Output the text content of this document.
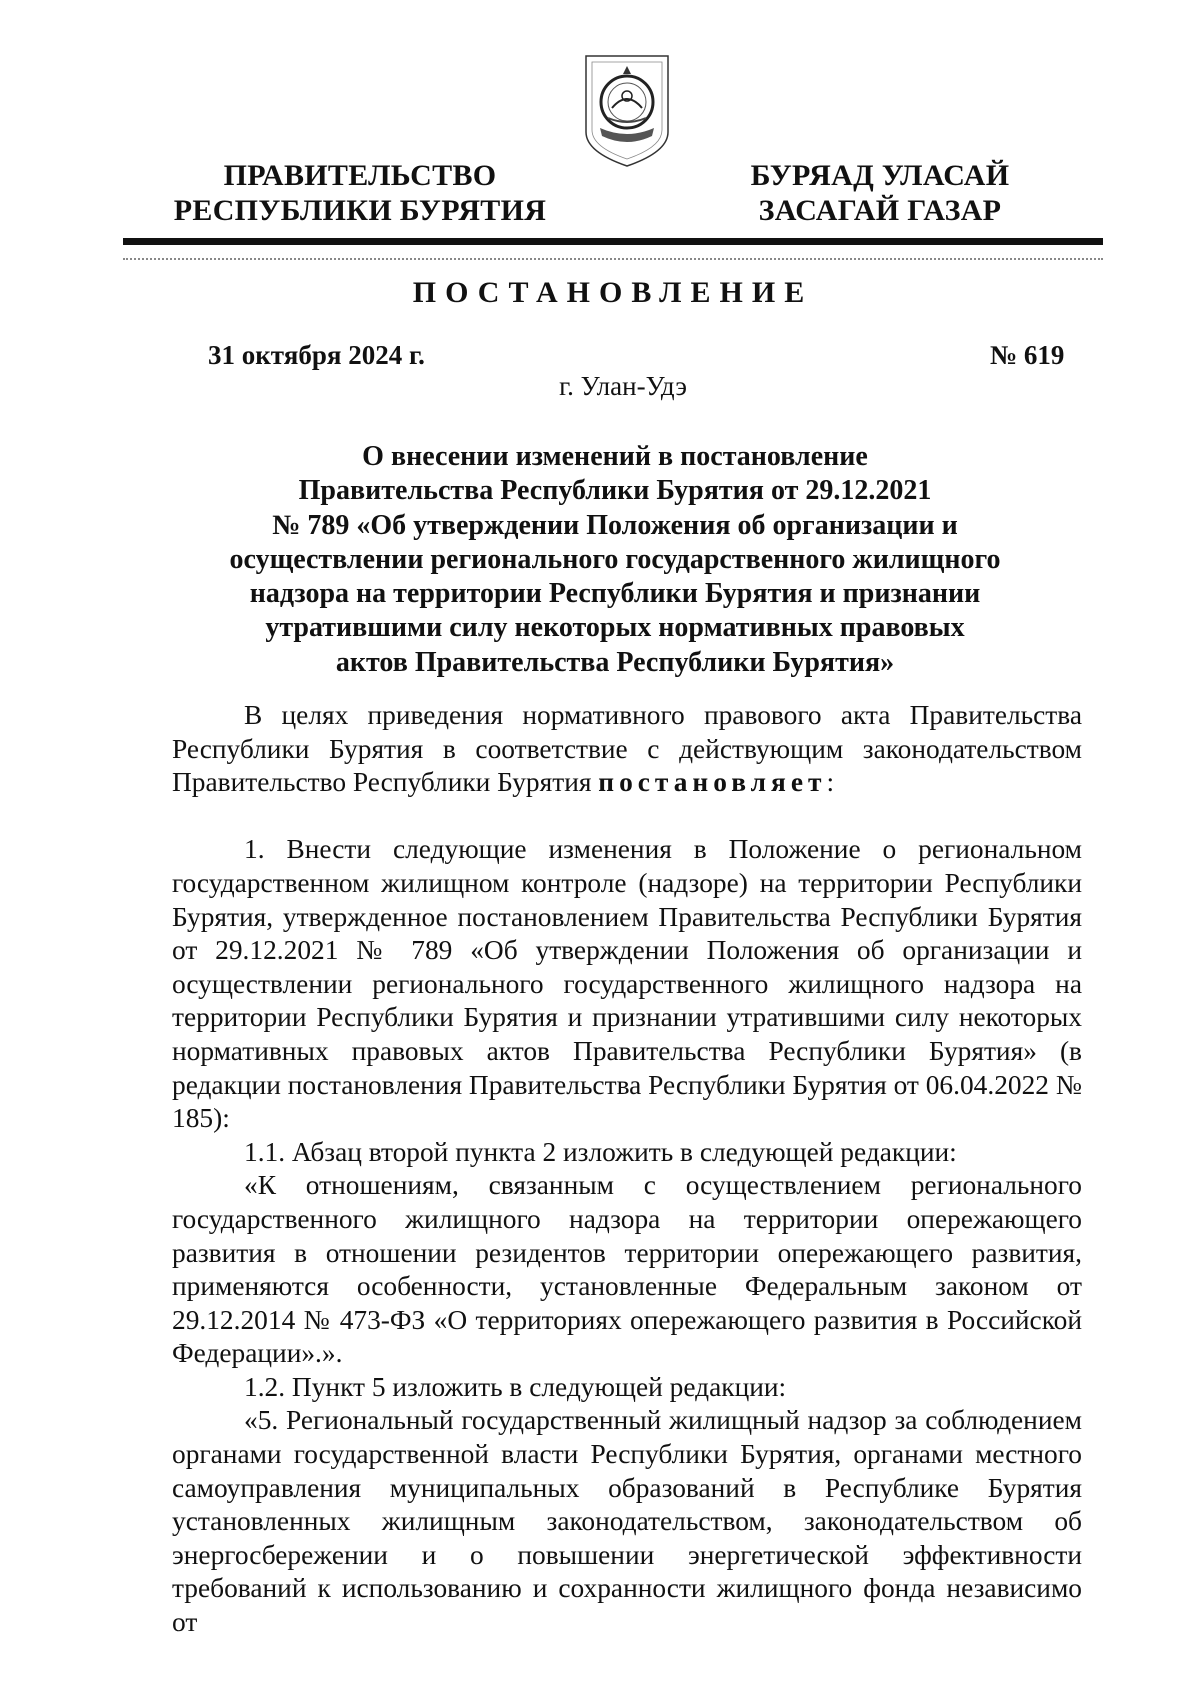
ПРАВИТЕЛЬСТВО
РЕСПУБЛИКИ БУРЯТИЯ
БУРЯАД УЛАСАЙ
ЗАСАГАЙ ГАЗАР
ПОСТАНОВЛЕНИЕ
31 октября 2024 г.	№ 619
г. Улан-Удэ
О внесении изменений в постановление
Правительства Республики Бурятия от 29.12.2021
№ 789 «Об утверждении Положения об организации и
осуществлении регионального государственного жилищного
надзора на территории Республики Бурятия и признании
утратившими силу некоторых нормативных правовых
актов Правительства Республики Бурятия»

В целях приведения нормативного правового акта Правительства Республики Бурятия в соответствие с действующим законодательством Правительство Республики Бурятия постановляет:

1. Внести следующие изменения в Положение о региональном государственном жилищном контроле (надзоре) на территории Республики Бурятия, утвержденное постановлением Правительства Республики Бурятия от 29.12.2021 № 789 «Об утверждении Положения об организации и осуществлении регионального государственного жилищного надзора на территории Республики Бурятия и признании утратившими силу некоторых нормативных правовых актов Правительства Республики Бурятия» (в редакции постановления Правительства Республики Бурятия от 06.04.2022 № 185):

1.1. Абзац второй пункта 2 изложить в следующей редакции:

«К отношениям, связанным с осуществлением регионального государственного жилищного надзора на территории опережающего развития в отношении резидентов территории опережающего развития, применяются особенности, установленные Федеральным законом от 29.12.2014 № 473-ФЗ «О территориях опережающего развития в Российской Федерации».».

1.2. Пункт 5 изложить в следующей редакции:

«5. Региональный государственный жилищный надзор за соблюдением органами государственной власти Республики Бурятия, органами местного самоуправления муниципальных образований в Республике Бурятия установленных жилищным законодательством, законодательством об энергосбережении и о повышении энергетической эффективности требований к использованию и сохранности жилищного фонда независимо от
